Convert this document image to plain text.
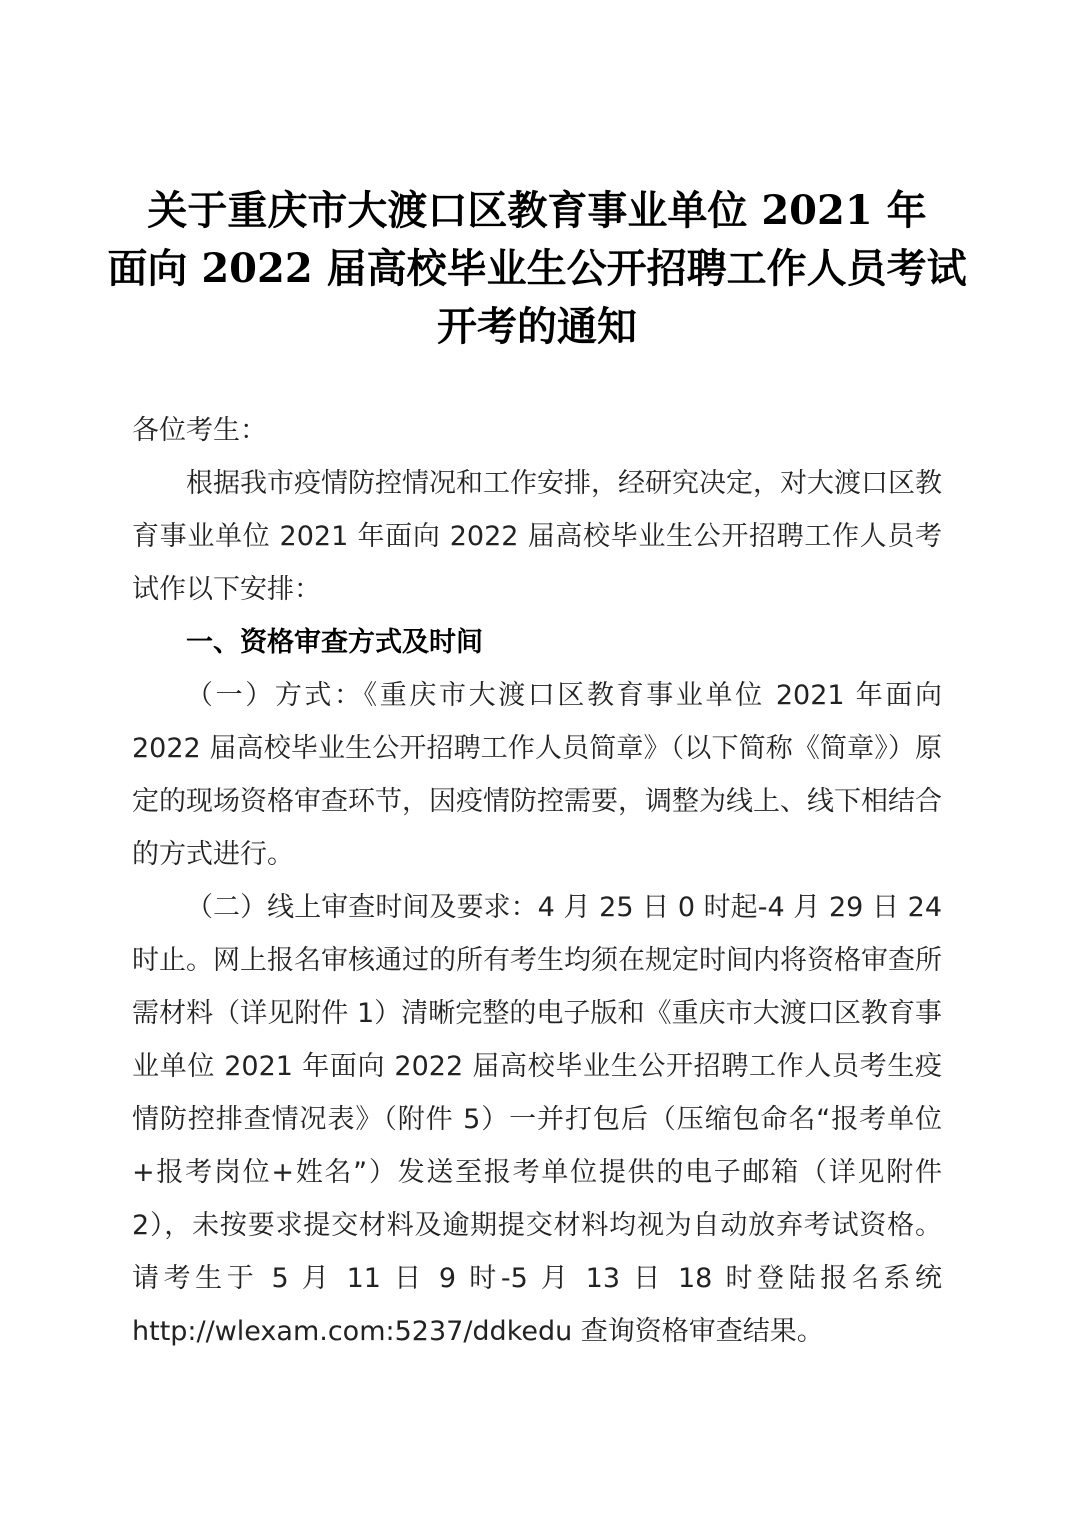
关于重庆市大渡口区教育事业单位 2021 年
面向 2022 届高校毕业生公开招聘工作人员考试
开考的通知

各位考生：

根据我市疫情防控情况和工作安排，经研究决定，对大渡口区教育事业单位 2021 年面向 2022 届高校毕业生公开招聘工作人员考试作以下安排：

一、资格审查方式及时间

（一）方式：《重庆市大渡口区教育事业单位 2021 年面向 2022 届高校毕业生公开招聘工作人员简章》（以下简称《简章》）原定的现场资格审查环节，因疫情防控需要，调整为线上、线下相结合的方式进行。

（二）线上审查时间及要求：4 月 25 日 0 时起-4 月 29 日 24 时止。网上报名审核通过的所有考生均须在规定时间内将资格审查所需材料（详见附件 1）清晰完整的电子版和《重庆市大渡口区教育事业单位 2021 年面向 2022 届高校毕业生公开招聘工作人员考生疫情防控排查情况表》（附件 5）一并打包后（压缩包命名“报考单位+报考岗位+姓名”）发送至报考单位提供的电子邮箱（详见附件 2），未按要求提交材料及逾期提交材料均视为自动放弃考试资格。请考生于 5 月 11 日 9 时-5 月 13 日 18 时登陆报名系统 http://wlexam.com:5237/ddkedu 查询资格审查结果。
